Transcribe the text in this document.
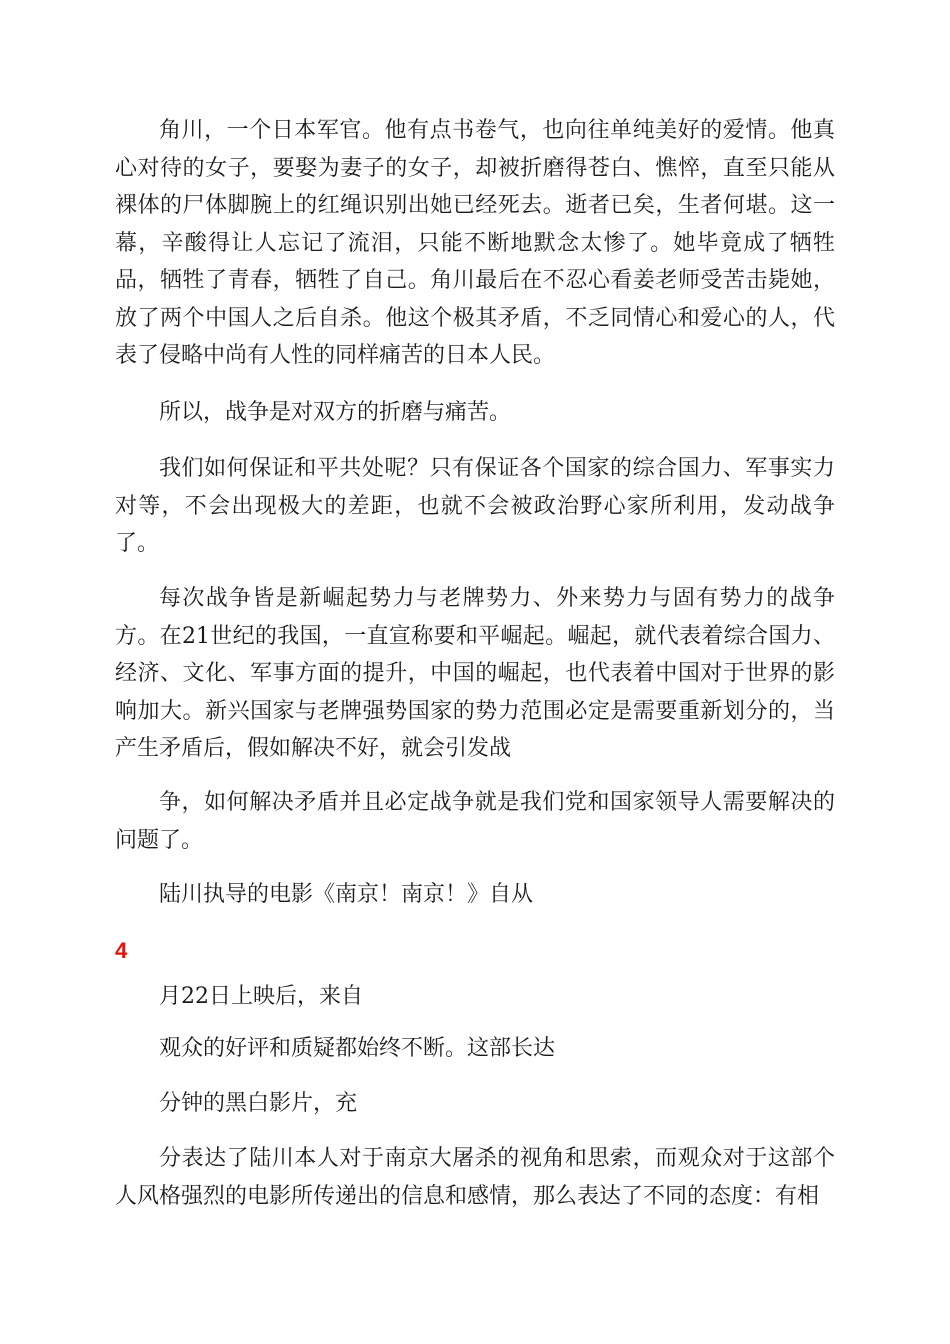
角川，一个日本军官。他有点书卷气，也向往单纯美好的爱情。他真心对待的女子，要娶为妻子的女子，却被折磨得苍白、憔悴，直至只能从裸体的尸体脚腕上的红绳识别出她已经死去。逝者已矣，生者何堪。这一幕，辛酸得让人忘记了流泪，只能不断地默念太惨了。她毕竟成了牺牲品，牺牲了青春，牺牲了自己。角川最后在不忍心看姜老师受苦击毙她，放了两个中国人之后自杀。他这个极其矛盾，不乏同情心和爱心的人，代表了侵略中尚有人性的同样痛苦的日本人民。

所以，战争是对双方的折磨与痛苦。

我们如何保证和平共处呢？只有保证各个国家的综合国力、军事实力对等，不会出现极大的差距，也就不会被政治野心家所利用，发动战争了。

每次战争皆是新崛起势力与老牌势力、外来势力与固有势力的战争方。在21世纪的我国，一直宣称要和平崛起。崛起，就代表着综合国力、经济、文化、军事方面的提升，中国的崛起，也代表着中国对于世界的影响加大。新兴国家与老牌强势国家的势力范围必定是需要重新划分的，当产生矛盾后，假如解决不好，就会引发战

争，如何解决矛盾并且必定战争就是我们党和国家领导人需要解决的问题了。

陆川执导的电影《南京！南京！》自从

4

月22日上映后，来自

观众的好评和质疑都始终不断。这部长达

分钟的黑白影片，充

分表达了陆川本人对于南京大屠杀的视角和思索，而观众对于这部个人风格强烈的电影所传递出的信息和感情，那么表达了不同的态度：有相
